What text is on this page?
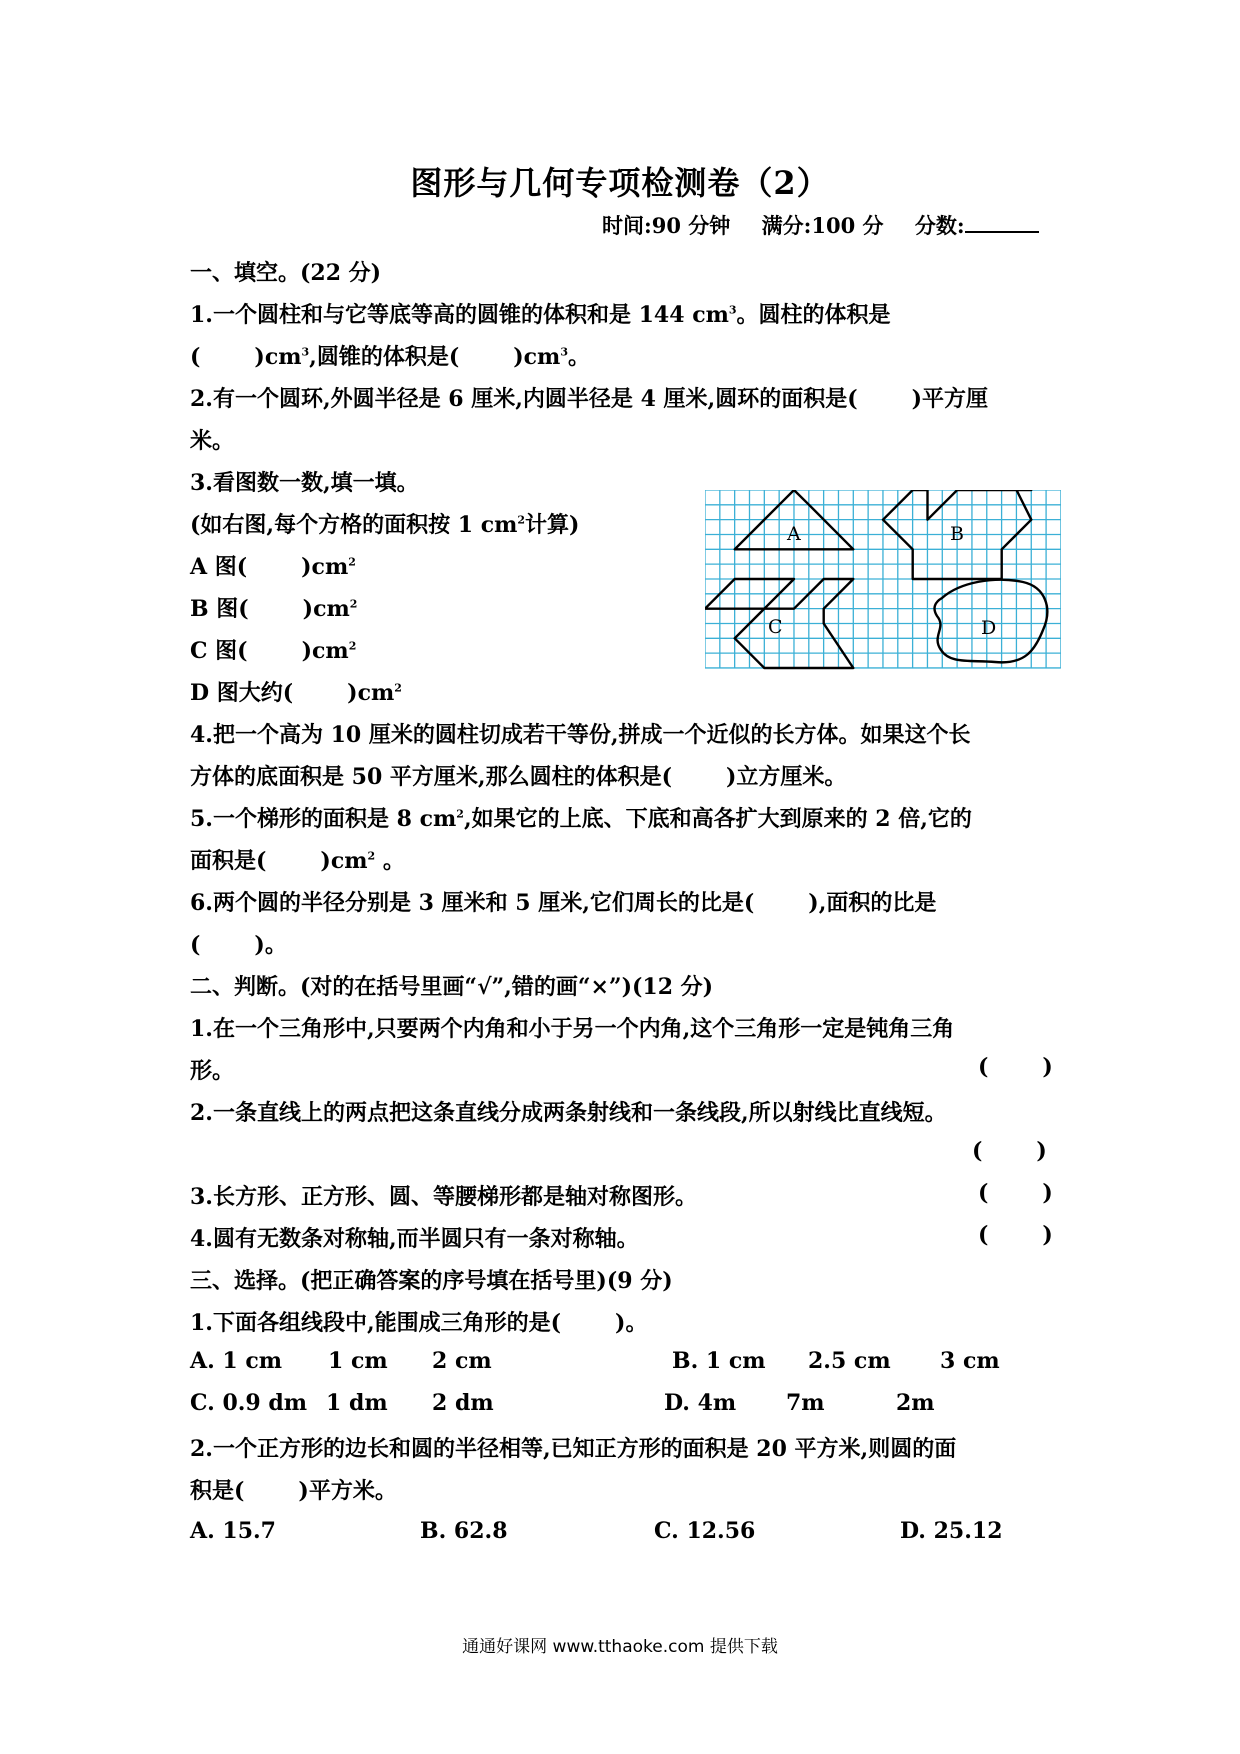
图形与几何专项检测卷（2）
时间:90 分钟 满分:100 分 分数:
一、填空。(22 分)
1.一个圆柱和与它等底等高的圆锥的体积和是 144 $cm^3$。圆柱的体积是
( )$cm^3$,圆锥的体积是( )$cm^3$。
2.有一个圆环,外圆半径是 6 厘米,内圆半径是 4 厘米,圆环的面积是( )平方厘
米。
3.看图数一数,填一填。
(如右图,每个方格的面积按 1 $cm^2$计算)
A 图( )$cm^2$
B 图( )$cm^2$
C 图( )$cm^2$
D 图大约( )$cm^2$
A	B
C	D
4.把一个高为 10 厘米的圆柱切成若干等份,拼成一个近似的长方体。如果这个长
方体的底面积是 50 平方厘米,那么圆柱的体积是( )立方厘米。
5.一个梯形的面积是 8 $cm^2$,如果它的上底、下底和高各扩大到原来的 2 倍,它的
面积是( )$cm^2$ 。
6.两个圆的半径分别是 3 厘米和 5 厘米,它们周长的比是( ),面积的比是
( )。
二、判断。(对的在括号里画“√”,错的画“×”)(12 分)
1.在一个三角形中,只要两个内角和小于另一个内角,这个三角形一定是钝角三角
形。	( )
2.一条直线上的两点把这条直线分成两条射线和一条线段,所以射线比直线短。
( )
3.长方形、正方形、圆、等腰梯形都是轴对称图形。	( )
4.圆有无数条对称轴,而半圆只有一条对称轴。	( )
三、选择。(把正确答案的序号填在括号里)(9 分)
1.下面各组线段中,能围成三角形的是( )。
A. 1 cm 1 cm 2 cm	B. 1 cm 2.5 cm 3 cm
C. 0.9 dm 1 dm 2 dm	D. 4m 7m	2m
2.一个正方形的边长和圆的半径相等,已知正方形的面积是 20 平方米,则圆的面
积是( )平方米。
A. 15.7	B. 62.8	C. 12.56	D. 25.12
通通好课网 www.tthaoke.com 提供下载
